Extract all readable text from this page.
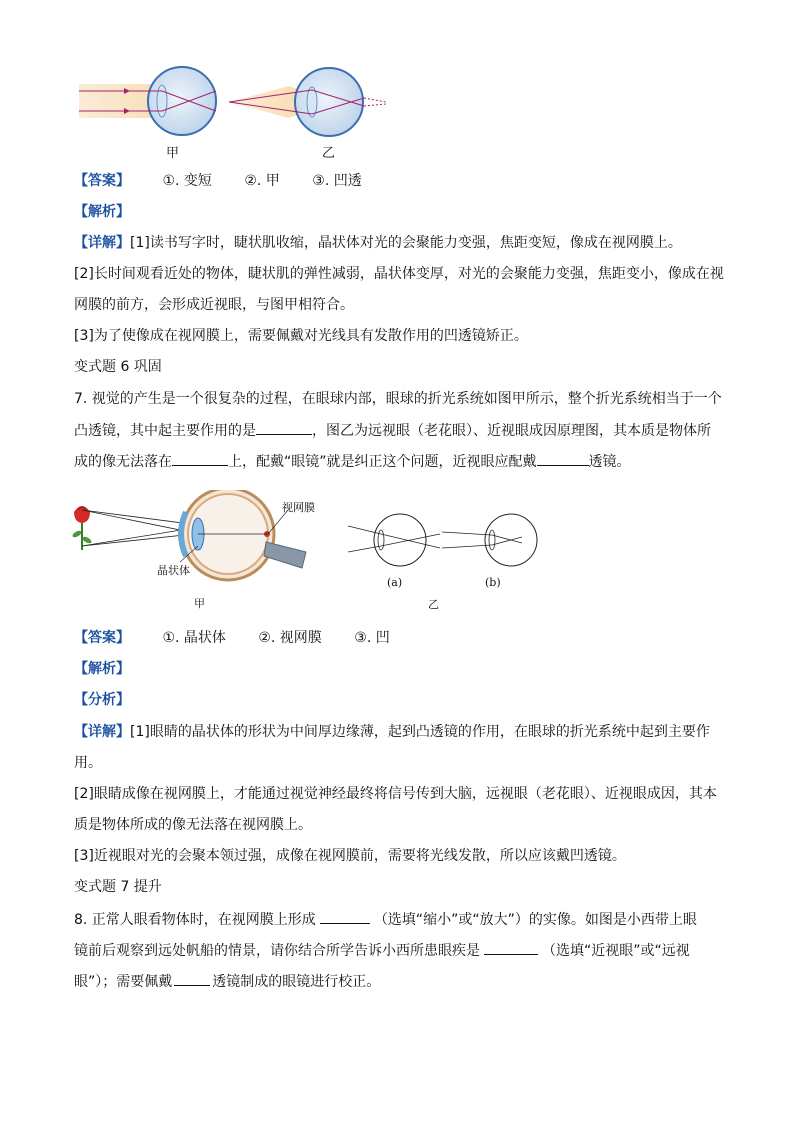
甲	乙
【答案】 ①. 变短 ②. 甲 ③. 凹透
【解析】
【详解】[1]读书写字时，睫状肌收缩，晶状体对光的会聚能力变强，焦距变短，像成在视网膜上。
[2]长时间观看近处的物体，睫状肌的弹性减弱，晶状体变厚，对光的会聚能力变强，焦距变小，像成在视
网膜的前方，会形成近视眼，与图甲相符合。
[3]为了使像成在视网膜上，需要佩戴对光线具有发散作用的凹透镜矫正。
变式题 6 巩固
7. 视觉的产生是一个很复杂的过程，在眼球内部，眼球的折光系统如图甲所示，整个折光系统相当于一个
凸透镜，其中起主要作用的是	，图乙为远视眼（老花眼）、近视眼成因原理图，其本质是物体所
成的像无法落在	上，配戴“眼镜”就是纠正这个问题，近视眼应配戴	透镜。
视网膜
晶状体
甲
(a)	(b)
乙
【答案】 ①. 晶状体 ②. 视网膜 ③. 凹
【解析】
【分析】
【详解】[1]眼睛的晶状体的形状为中间厚边缘薄，起到凸透镜的作用，在眼球的折光系统中起到主要作
用。
[2]眼睛成像在视网膜上，才能通过视觉神经最终将信号传到大脑，远视眼（老花眼）、近视眼成因，其本
质是物体所成的像无法落在视网膜上。
[3]近视眼对光的会聚本领过强，成像在视网膜前，需要将光线发散，所以应该戴凹透镜。
变式题 7 提升
8. 正常人眼看物体时，在视网膜上形成	（选填“缩小”或“放大”）的实像。如图是小西带上眼
镜前后观察到远处帆船的情景，请你结合所学告诉小西所患眼疾是	（选填“近视眼”或“远视
眼”）；需要佩戴	透镜制成的眼镜进行校正。
